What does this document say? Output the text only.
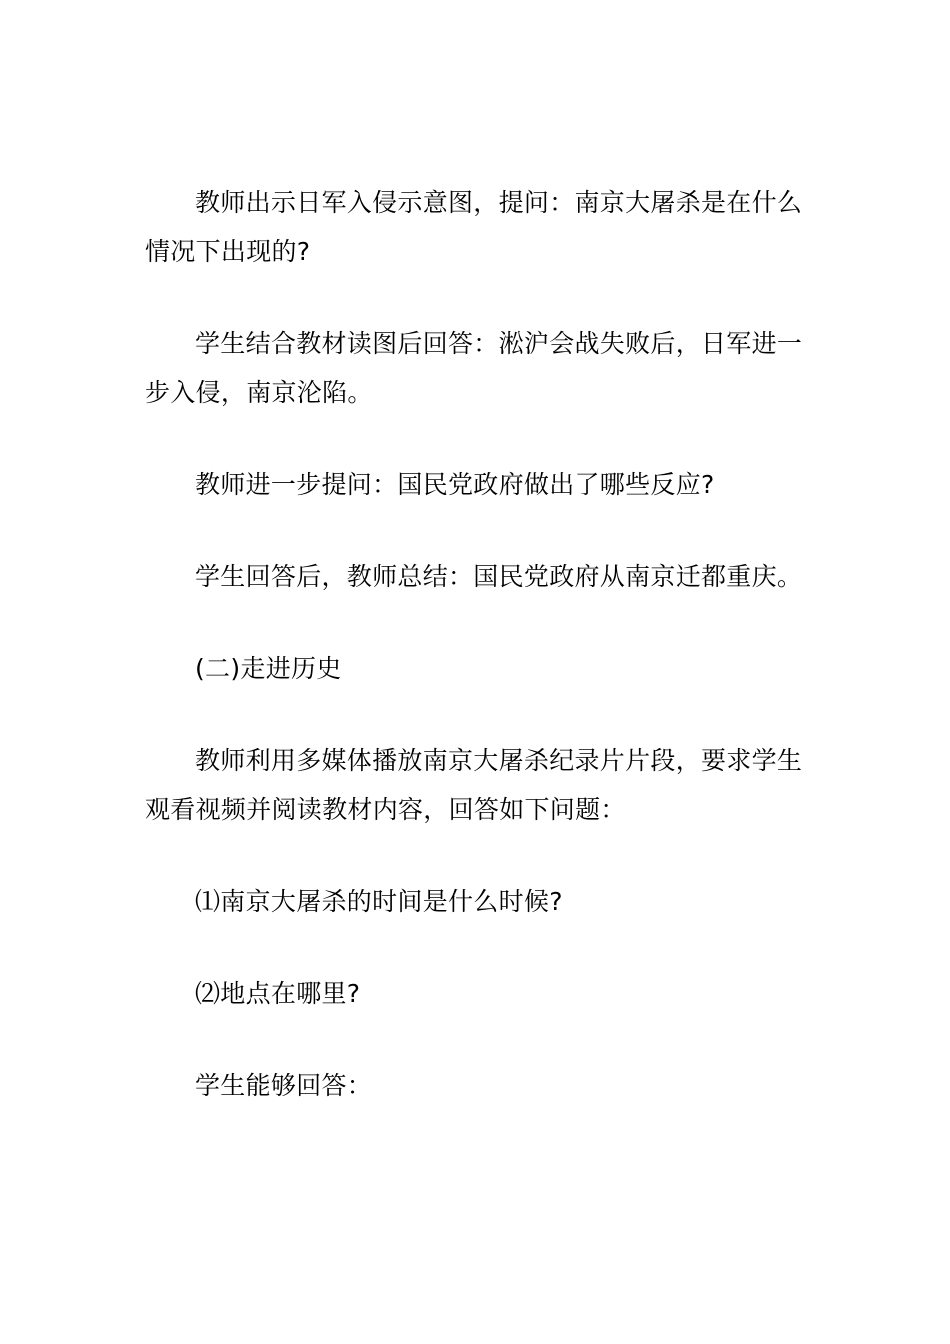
教师出示日军入侵示意图，提问：南京大屠杀是在什么情况下出现的?

学生结合教材读图后回答：淞沪会战失败后，日军进一步入侵，南京沦陷。

教师进一步提问：国民党政府做出了哪些反应?

学生回答后，教师总结：国民党政府从南京迁都重庆。

(二)走进历史

教师利用多媒体播放南京大屠杀纪录片片段，要求学生观看视频并阅读教材内容，回答如下问题：

⑴南京大屠杀的时间是什么时候?

⑵地点在哪里?

学生能够回答：
